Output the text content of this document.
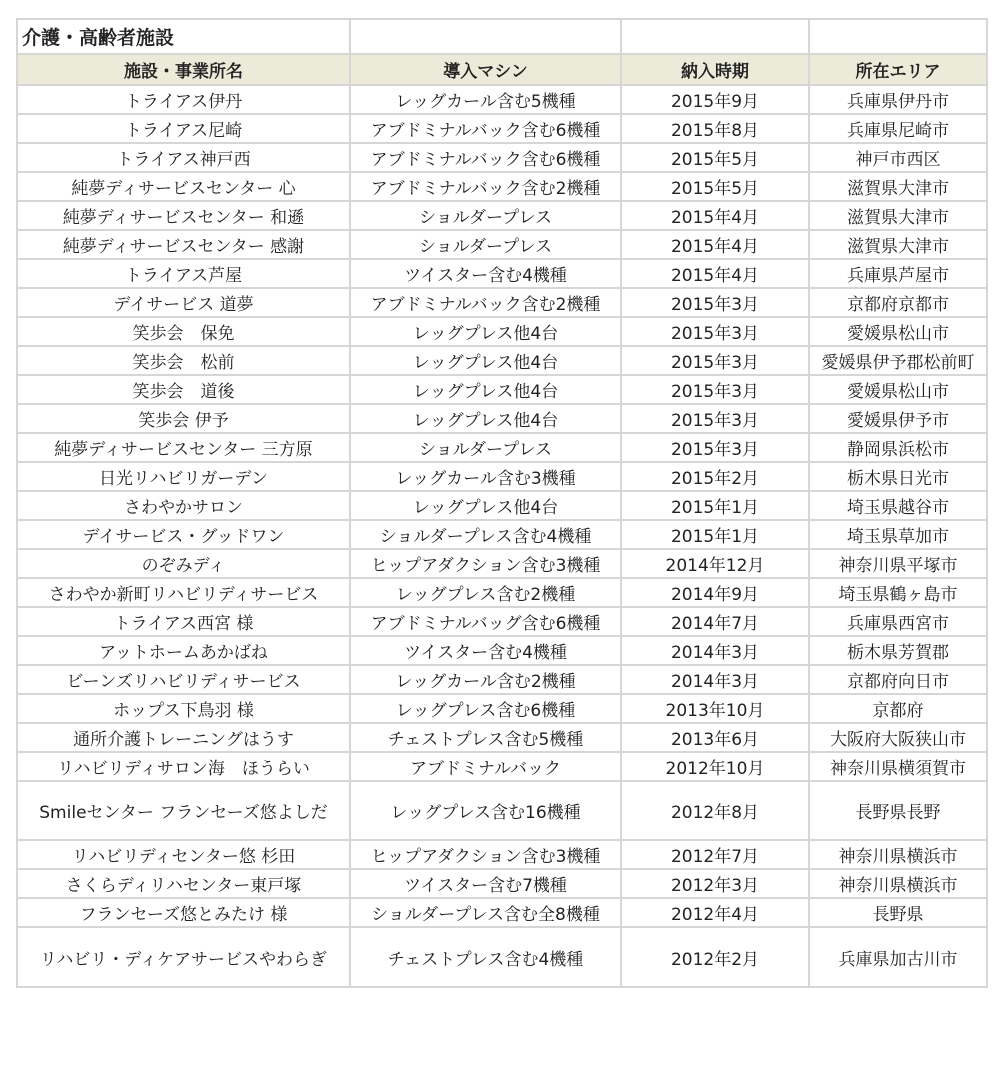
介護・高齢者施設			
施設・事業所名	導入マシン	納入時期	所在エリア
トライアス伊丹	レッグカール含む5機種	2015年9月	兵庫県伊丹市
トライアス尼崎	アブドミナルバック含む6機種	2015年8月	兵庫県尼崎市
トライアス神戸西	アブドミナルバック含む6機種	2015年5月	神戸市西区
純夢ディサービスセンター 心	アブドミナルバック含む2機種	2015年5月	滋賀県大津市
純夢ディサービスセンター 和遜	ショルダープレス	2015年4月	滋賀県大津市
純夢ディサービスセンター 感謝	ショルダープレス	2015年4月	滋賀県大津市
トライアス芦屋	ツイスター含む4機種	2015年4月	兵庫県芦屋市
デイサービス 道夢	アブドミナルバック含む2機種	2015年3月	京都府京都市
笑歩会　保免	レッグプレス他4台	2015年3月	愛媛県松山市
笑歩会　松前	レッグプレス他4台	2015年3月	愛媛県伊予郡松前町
笑歩会　道後	レッグプレス他4台	2015年3月	愛媛県松山市
笑歩会 伊予	レッグプレス他4台	2015年3月	愛媛県伊予市
純夢ディサービスセンター 三方原	ショルダープレス	2015年3月	静岡県浜松市
日光リハビリガーデン	レッグカール含む3機種	2015年2月	栃木県日光市
さわやかサロン	レッグプレス他4台	2015年1月	埼玉県越谷市
デイサービス・グッドワン	ショルダープレス含む4機種	2015年1月	埼玉県草加市
のぞみディ	ヒップアダクション含む3機種	2014年12月	神奈川県平塚市
さわやか新町リハビリディサービス	レッグプレス含む2機種	2014年9月	埼玉県鶴ヶ島市
トライアス西宮 様	アブドミナルバッグ含む6機種	2014年7月	兵庫県西宮市
アットホームあかばね	ツイスター含む4機種	2014年3月	栃木県芳賀郡
ビーンズリハビリディサービス	レッグカール含む2機種	2014年3月	京都府向日市
ホップス下鳥羽 様	レッグプレス含む6機種	2013年10月	京都府
通所介護トレーニングはうす	チェストプレス含む5機種	2013年6月	大阪府大阪狭山市
リハビリディサロン海　ほうらい	アブドミナルバック	2012年10月	神奈川県横須賀市
Smileセンター フランセーズ悠よしだ	レッグプレス含む16機種	2012年8月	長野県長野
リハビリディセンター悠 杉田	ヒップアダクション含む3機種	2012年7月	神奈川県横浜市
さくらディリハセンター東戸塚	ツイスター含む7機種	2012年3月	神奈川県横浜市
フランセーズ悠とみたけ 様	ショルダープレス含む全8機種	2012年4月	長野県
リハビリ・ディケアサービスやわらぎ	チェストプレス含む4機種	2012年2月	兵庫県加古川市
